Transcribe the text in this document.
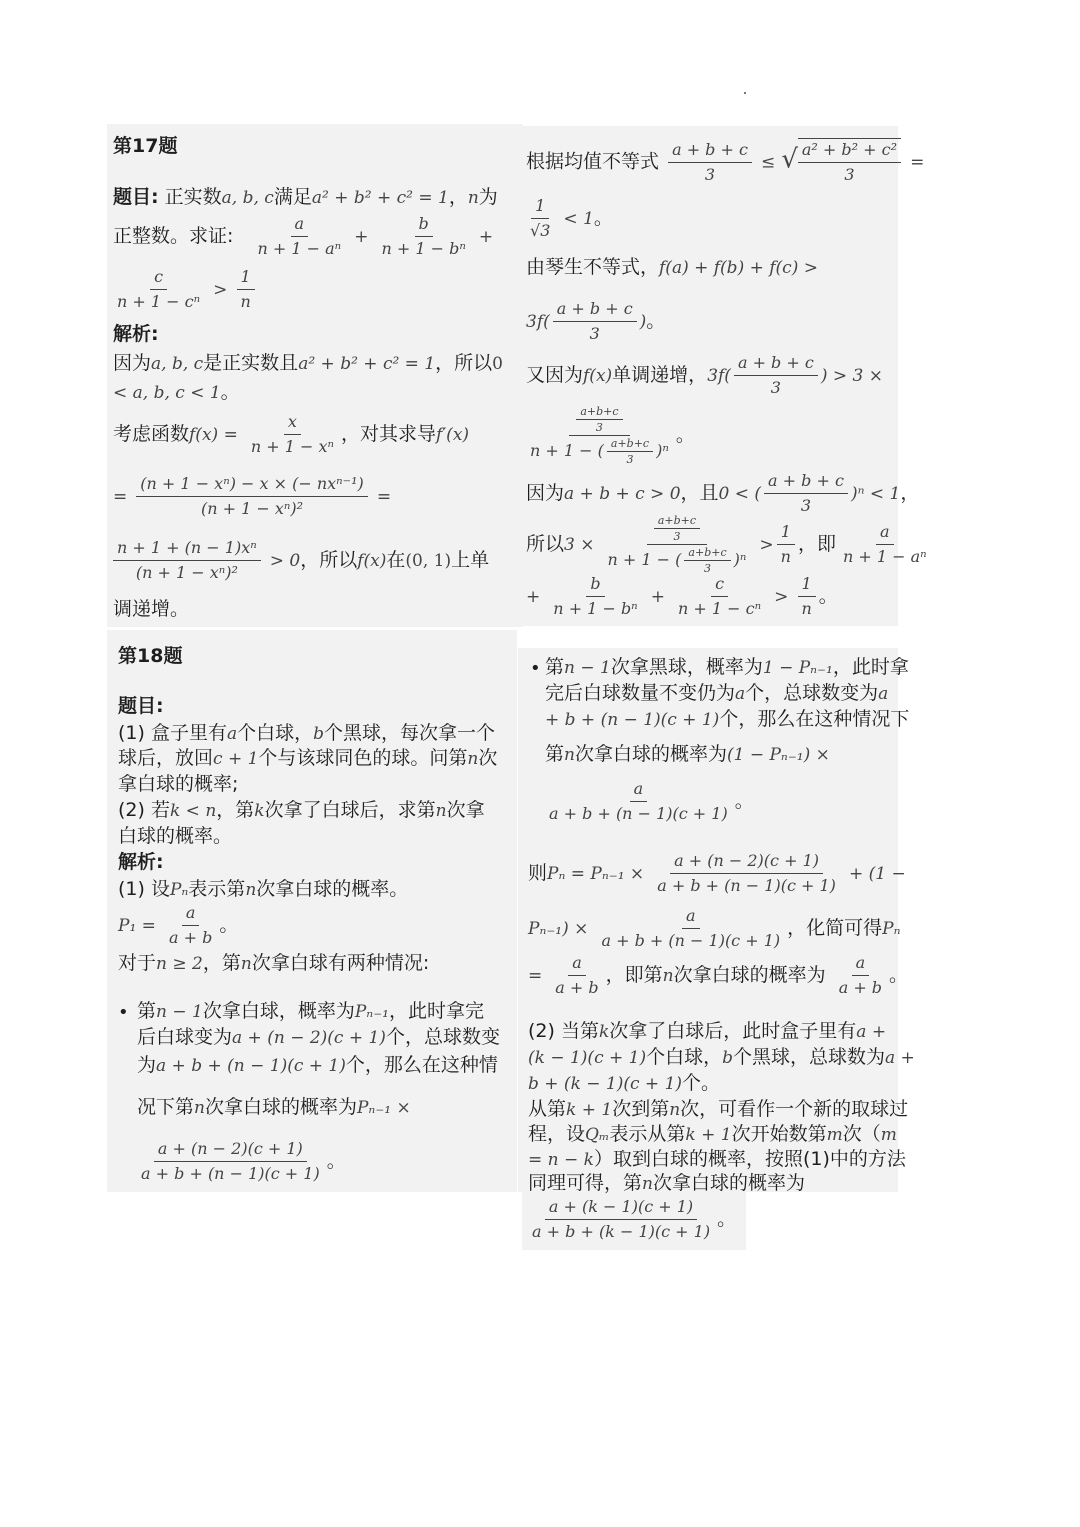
第17题
题目: 正实数a, b, c满足a² + b² + c² = 1，n为
正整数。求证: $\frac{a}{\text{n + 1 − aⁿ}} + \frac{b}{\text{n + 1 − bⁿ}}$ +
$\frac{c}{\text{n + 1 − cⁿ}} > \frac{1}{n}$
解析:
因为a, b, c是正实数且a² + b² + c² = 1，所以0
< a, b, c < 1。
考虑函数$f(x) = \frac{x}{\text{n + 1 − xⁿ}}$ ，对其求导f′(x)
= $\frac{\text{(n + 1 − xⁿ) − x × (− nxⁿ⁻¹)}}{\text{(n + 1 − xⁿ)²}}$ =
$\frac{\text{n + 1 + (n − 1)xⁿ}}{\text{(n + 1 − xⁿ)²}} > 0$，所以f(x)在(0, 1)上单
调递增。
根据均值不等式 $\frac{a + b + c}{3}$ ≤ √ $\frac{\text{a² + b² + c²}}{3}$ =
$\frac{1}{√3} < 1$。
由琴生不等式，f(a) + f(b) + f(c) >
$3f( \frac{a + b + c}{3}$ )。
又因为f(x)单调递增，$3f( \frac{a + b + c}{3}$ ) > 3 ×
$\frac{\frac{a+b+c}{3}}{n + 1 - ( \frac{a+b+c}{3} )^n}$ 。
因为a + b + c > 0，且0 < ( $\frac{a + b + c}{3} )^n < 1$，
所以$3 \times \frac{\frac{a+b+c}{3}}{n + 1 - ( \frac{a+b+c}{3} )^n} > \frac{1}{n}$ ，即 $\frac{a}{\text{n + 1 − aⁿ}}$
+ $\frac{b}{\text{n + 1 − bⁿ}} + \frac{c}{\text{n + 1 − cⁿ}} > \frac{1}{n}$ 。
第18题
题目:
(1) 盒子里有a个白球，b个黑球，每次拿一个
球后，放回c + 1个与该球同色的球。问第n次
拿白球的概率;
(2) 若k < n，第k次拿了白球后，求第n次拿
白球的概率。
解析:
(1) 设Pₙ表示第n次拿白球的概率。
$P_1 = \frac{a}{a + b}$ 。
对于n ≥ 2，第n次拿白球有两种情况:
• 第n − 1次拿白球，概率为Pₙ₋₁，此时拿完
后白球变为a + (n − 2)(c + 1)个，总球数变
为a + b + (n − 1)(c + 1)个，那么在这种情
况下第n次拿白球的概率为Pₙ₋₁ ×
$\frac{a + (n - 2)(c + 1)}{a + b + (n - 1)(c + 1)}$ 。
• 第n − 1次拿黑球，概率为1 − Pₙ₋₁，此时拿
完后白球数量不变仍为a个，总球数变为a
+ b + (n − 1)(c + 1)个，那么在这种情况下
第n次拿白球的概率为(1 − Pₙ₋₁) ×
$\frac{a}{a + b + (n - 1)(c + 1)}$ 。
则$P_n = P_{n-1} \times \frac{a + (n - 2)(c + 1)}{a + b + (n - 1)(c + 1)} + (1$ −
$P_{n-1}) \times \frac{a}{a + b + (n - 1)(c + 1)}$ ，化简可得Pₙ
= $\frac{a}{a + b}$ ，即第n次拿白球的概率为 $\frac{a}{a + b}$ 。
(2) 当第k次拿了白球后，此时盒子里有a +
(k − 1)(c + 1)个白球，b个黑球，总球数为a +
b + (k − 1)(c + 1)个。
从第k + 1次到第n次，可看作一个新的取球过
程，设Qₘ表示从第k + 1次开始数第m次（m
= n − k）取到白球的概率，按照(1)中的方法
同理可得，第n次拿白球的概率为
$\frac{a + (k - 1)(c + 1)}{a + b + (k - 1)(c + 1)}$ 。
